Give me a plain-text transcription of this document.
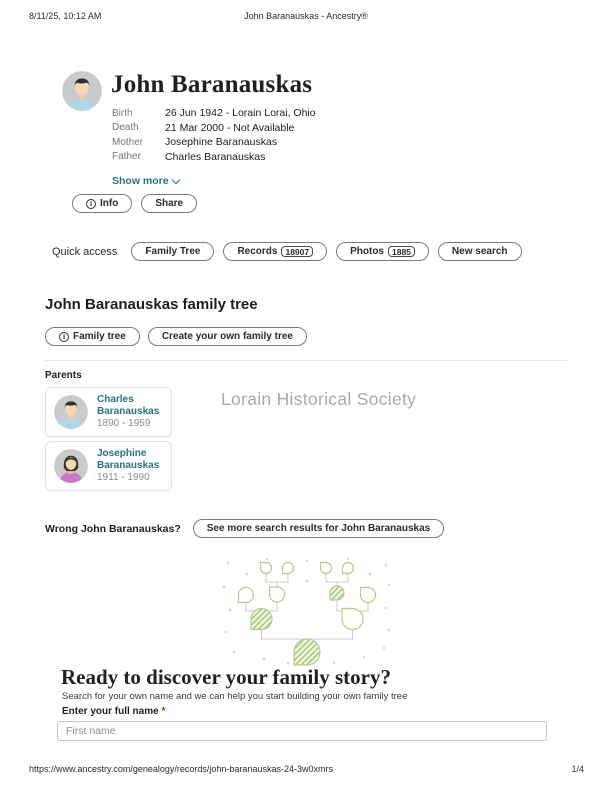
8/11/25, 10:12 AM	John Baranauskas - Ancestry®
John Baranauskas
Birth	26 Jun 1942 - Lorain Lorai, Ohio
Death	21 Mar 2000 - Not Available
Mother	Josephine Baranauskas
Father	Charles Baranauskas
Show more
i
Info	Share
Quick access	Family Tree	Records 18907	Photos 1885	New search
John Baranauskas family tree
i
Family tree	Create your own family tree
Parents
Charles Baranauskas
1890 - 1959
Lorain Historical Society
Josephine Baranauskas
1911 - 1990
Wrong John Baranauskas?	See more search results for John Baranauskas
Ready to discover your family story?
Search for your own name and we can help you start building your own family tree
Enter your full name *
First name
https://www.ancestry.com/genealogy/records/john-baranauskas-24-3w0xmrs	1/4
